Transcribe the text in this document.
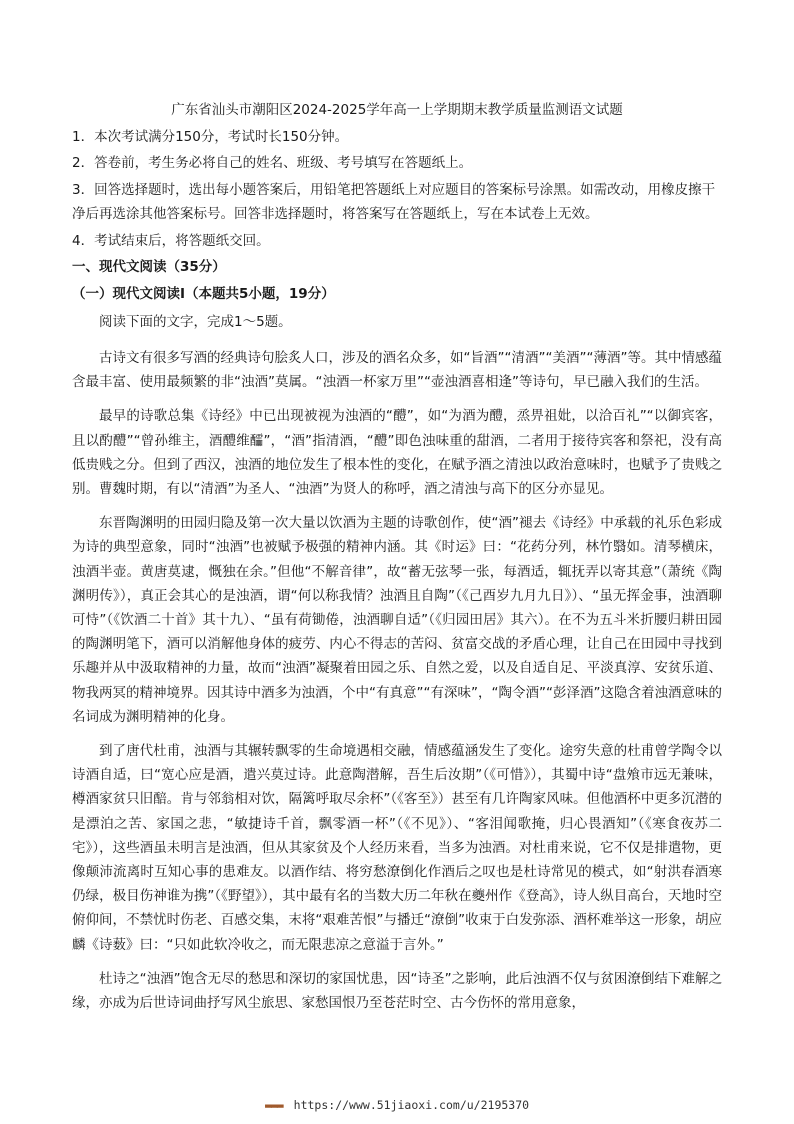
广东省汕头市潮阳区2024-2025学年高一上学期期末教学质量监测语文试题

1．本次考试满分150分，考试时长150分钟。

2．答卷前，考生务必将自己的姓名、班级、考号填写在答题纸上。

3．回答选择题时，选出每小题答案后，用铅笔把答题纸上对应题目的答案标号涂黑。如需改动，用橡皮擦干净后再选涂其他答案标号。回答非选择题时，将答案写在答题纸上，写在本试卷上无效。

4．考试结束后，将答题纸交回。

一、现代文阅读（35分）

（一）现代文阅读Ⅰ（本题共5小题，19分）

阅读下面的文字，完成1～5题。

古诗文有很多写酒的经典诗句脍炙人口，涉及的酒名众多，如“旨酒”“清酒”“美酒”“薄酒”等。其中情感蕴含最丰富、使用最频繁的非“浊酒”莫属。“浊酒一杯家万里”“壶浊酒喜相逢”等诗句，早已融入我们的生活。

最早的诗歌总集《诗经》中已出现被视为浊酒的“醴”，如“为酒为醴，烝畀祖妣，以洽百礼”“以御宾客，且以酌醴”“曾孙维主，酒醴维醽”，“酒”指清酒，“醴”即色浊味重的甜酒，二者用于接待宾客和祭祀，没有高低贵贱之分。但到了西汉，浊酒的地位发生了根本性的变化，在赋予酒之清浊以政治意味时，也赋予了贵贱之别。曹魏时期，有以“清酒”为圣人、“浊酒”为贤人的称呼，酒之清浊与高下的区分亦显见。

东晋陶渊明的田园归隐及第一次大量以饮酒为主题的诗歌创作，使“酒”褪去《诗经》中承载的礼乐色彩成为诗的典型意象，同时“浊酒”也被赋予极强的精神内涵。其《时运》曰：“花药分列，林竹翳如。清琴横床，浊酒半壶。黄唐莫逮，慨独在余。”但他“不解音律”，故“蓄无弦琴一张，每酒适，辄抚弄以寄其意”（萧统《陶渊明传》），真正会其心的是浊酒，谓“何以称我情？浊酒且自陶”（《己酉岁九月九日》）、“虽无挥金事，浊酒聊可恃”（《饮酒二十首》其十九）、“虽有荷锄倦，浊酒聊自适”（《归园田居》其六）。在不为五斗米折腰归耕田园的陶渊明笔下，酒可以消解他身体的疲劳、内心不得志的苦闷、贫富交战的矛盾心理，让自己在田园中寻找到乐趣并从中汲取精神的力量，故而“浊酒”凝聚着田园之乐、自然之爱，以及自适自足、平淡真淳、安贫乐道、物我两冥的精神境界。因其诗中酒多为浊酒，个中“有真意”“有深味”，“陶令酒”“彭泽酒”这隐含着浊酒意味的名词成为渊明精神的化身。

到了唐代杜甫，浊酒与其辗转飘零的生命境遇相交融，情感蕴涵发生了变化。途穷失意的杜甫曾学陶令以诗酒自适，曰“宽心应是酒，遣兴莫过诗。此意陶潜解，吾生后汝期”（《可惜》），其蜀中诗“盘飧市远无兼味，樽酒家贫只旧醅。肯与邻翁相对饮，隔篱呼取尽余杯”（《客至》）甚至有几许陶家风味。但他酒杯中更多沉潜的是漂泊之苦、家国之悲，“敏捷诗千首，飘零酒一杯”（《不见》）、“客泪闻歌掩，归心畏酒知”（《寒食夜苏二宅》），这些酒虽未明言是浊酒，但从其家贫及个人经历来看，当多为浊酒。对杜甫来说，它不仅是排遣物，更像颠沛流离时互知心事的患难友。以酒作结、将穷愁潦倒化作酒后之叹也是杜诗常见的模式，如“射洪春酒寒仍绿，极目伤神谁为携”（《野望》），其中最有名的当数大历二年秋在夔州作《登高》，诗人纵目高台，天地时空俯仰间，不禁忧时伤老、百感交集，末将“艰难苦恨”与播迁“潦倒”收束于白发弥添、酒杯难举这一形象，胡应麟《诗薮》曰：“只如此软冷收之，而无限悲凉之意溢于言外。”

杜诗之“浊酒”饱含无尽的愁思和深切的家国忧患，因“诗圣”之影响，此后浊酒不仅与贫困潦倒结下难解之缘，亦成为后世诗词曲抒写风尘旅思、家愁国恨乃至苍茫时空、古今伤怀的常用意象，

▬▬▬ https://www.51jiaoxi.com/u/2195370
